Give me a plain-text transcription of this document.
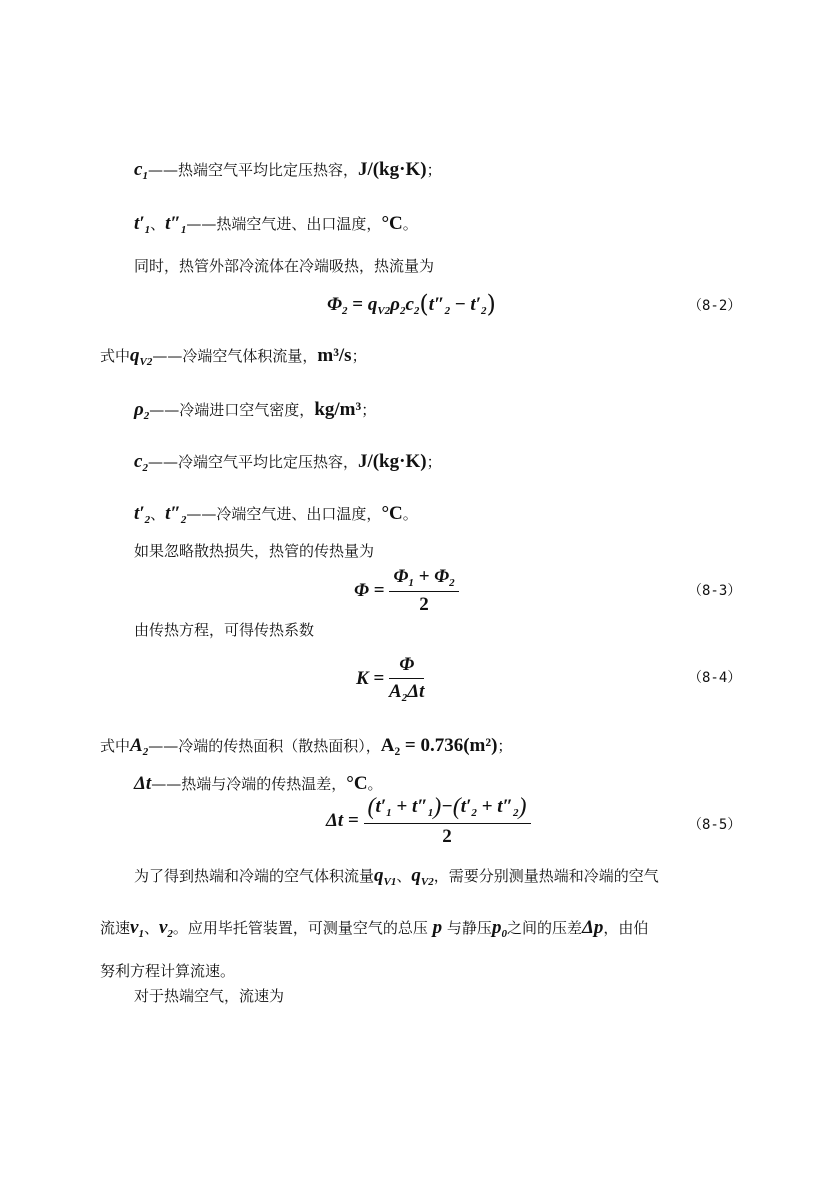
$c_1——$热端空气平均比定压热容，J/(kg·K)；
$t'_1$、$t''_1——$热端空气进、出口温度，°C。
同时，热管外部冷流体在冷端吸热，热流量为
$\Phi_2 = q_{V2}\rho_2c_2(t''_2 - t'_2)$	（8-2）
式中$q_{V2}——$冷端空气体积流量，m³/s；
$\rho_2——$冷端进口空气密度，kg/m³；
$c_2——$冷端空气平均比定压热容，J/(kg·K)；
$t'_2$、$t''_2——$冷端空气进、出口温度，°C。
如果忽略散热损失，热管的传热量为
$\Phi = \frac{\Phi_1 + \Phi_2}{2}$	（8-3）
由传热方程，可得传热系数
$K = \frac{\Phi}{A_2\Delta t}$	（8-4）
式中$A_2——$冷端的传热面积（散热面积），A₂ = 0.736(m²)；
Δt——热端与冷端的传热温差，°C。
$\Delta t = \frac{(t'_1 + t''_1)-(t'_2 + t''_2)}{2}$	（8-5）
为了得到热端和冷端的空气体积流量$q_{V1}$、$q_{V2}$，需要分别测量热端和冷端的空气
流速$v_1$、$v_2$。应用毕托管装置，可测量空气的总压 p 与静压$p_0$之间的压差Δp，由伯
努利方程计算流速。
对于热端空气，流速为
